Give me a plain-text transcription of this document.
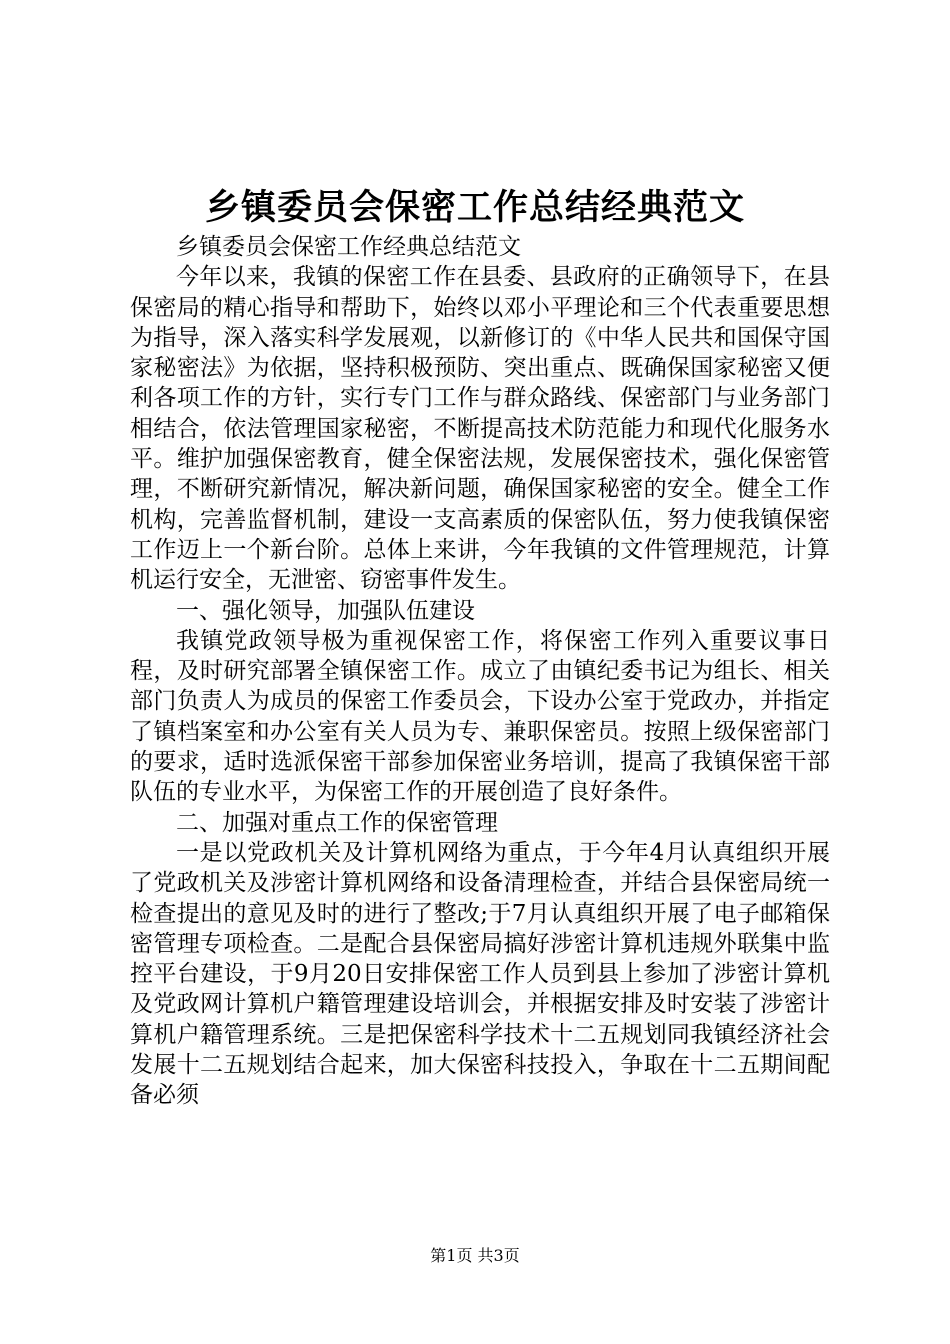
乡镇委员会保密工作总结经典范文

乡镇委员会保密工作经典总结范文

今年以来，我镇的保密工作在县委、县政府的正确领导下，在县保密局的精心指导和帮助下，始终以邓小平理论和三个代表重要思想为指导，深入落实科学发展观，以新修订的《中华人民共和国保守国家秘密法》为依据，坚持积极预防、突出重点、既确保国家秘密又便利各项工作的方针，实行专门工作与群众路线、保密部门与业务部门相结合，依法管理国家秘密，不断提高技术防范能力和现代化服务水平。维护加强保密教育，健全保密法规，发展保密技术，强化保密管理，不断研究新情况，解决新问题，确保国家秘密的安全。健全工作机构，完善监督机制，建设一支高素质的保密队伍，努力使我镇保密工作迈上一个新台阶。总体上来讲，今年我镇的文件管理规范，计算机运行安全，无泄密、窃密事件发生。

一、强化领导，加强队伍建设

我镇党政领导极为重视保密工作，将保密工作列入重要议事日程，及时研究部署全镇保密工作。成立了由镇纪委书记为组长、相关部门负责人为成员的保密工作委员会，下设办公室于党政办，并指定了镇档案室和办公室有关人员为专、兼职保密员。按照上级保密部门的要求，适时选派保密干部参加保密业务培训，提高了我镇保密干部队伍的专业水平，为保密工作的开展创造了良好条件。

二、加强对重点工作的保密管理

一是以党政机关及计算机网络为重点，于今年4月认真组织开展了党政机关及涉密计算机网络和设备清理检查，并结合县保密局统一检查提出的意见及时的进行了整改;于7月认真组织开展了电子邮箱保密管理专项检查。二是配合县保密局搞好涉密计算机违规外联集中监控平台建设，于9月20日安排保密工作人员到县上参加了涉密计算机及党政网计算机户籍管理建设培训会，并根据安排及时安装了涉密计算机户籍管理系统。三是把保密科学技术十二五规划同我镇经济社会发展十二五规划结合起来，加大保密科技投入，争取在十二五期间配备必须

第1页 共3页
